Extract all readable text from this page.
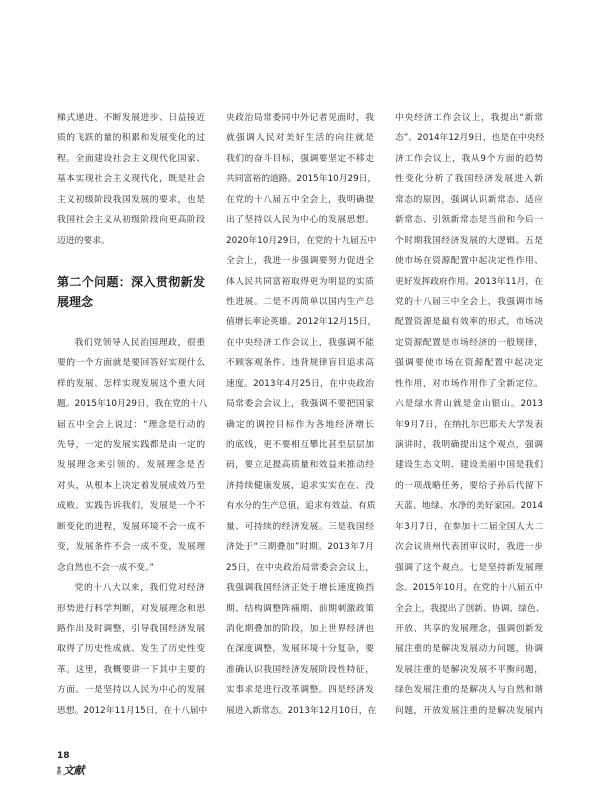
梯式递进、不断发展进步、日益接近
质的飞跃的量的积累和发展变化的过
程。全面建设社会主义现代化国家、
基本实现社会主义现代化，既是社会
主义初级阶段我国发展的要求，也是
我国社会主义从初级阶段向更高阶段
迈进的要求。
第二个问题：深入贯彻新发
展理念
我们党领导人民治国理政，很重
要的一个方面就是要回答好实现什么
样的发展、怎样实现发展这个重大问
题。2015年10月29日，我在党的十八
届五中全会上说过：“理念是行动的
先导，一定的发展实践都是由一定的
发展理念来引领的。发展理念是否
对头，从根本上决定着发展成效乃至
成败。实践告诉我们，发展是一个不
断变化的进程，发展环境不会一成不
变，发展条件不会一成不变，发展理
念自然也不会一成不变。”
党的十八大以来，我们党对经济
形势进行科学判断，对发展理念和思
路作出及时调整，引导我国经济发展
取得了历史性成就、发生了历史性变
革。这里，我概要讲一下其中主要的
方面。一是坚持以人民为中心的发展
思想。2012年11月15日，在十八届中
央政治局常委同中外记者见面时，我
就强调人民对美好生活的向往就是
我们的奋斗目标，强调要坚定不移走
共同富裕的道路。2015年10月29日，
在党的十八届五中全会上，我明确提
出了坚持以人民为中心的发展思想。
2020年10月29日，在党的十九届五中
全会上，我进一步强调要努力促进全
体人民共同富裕取得更为明显的实质
性进展。二是不再简单以国内生产总
值增长率论英雄。2012年12月15日，
在中央经济工作会议上，我强调不能
不顾客观条件、违背规律盲目追求高
速度。2013年4月25日，在中央政治
局常委会会议上，我强调不要把国家
确定的调控目标作为各地经济增长
的底线，更不要相互攀比甚至层层加
码，要立足提高质量和效益来推动经
济持续健康发展，追求实实在在、没
有水分的生产总值，追求有效益、有质
量、可持续的经济发展。三是我国经
济处于“三期叠加”时期。2013年7月
25日，在中央政治局常委会会议上，
我强调我国经济正处于增长速度换挡
期、结构调整阵痛期、前期刺激政策
消化期叠加的阶段，加上世界经济也
在深度调整，发展环境十分复杂，要
准确认识我国经济发展阶段性特征，
实事求是进行改革调整。四是经济发
展进入新常态。2013年12月10日，在
中央经济工作会议上，我提出“新常
态”。2014年12月9日，也是在中央经
济工作会议上，我从9个方面的趋势
性变化分析了我国经济发展进入新
常态的原因，强调认识新常态、适应
新常态、引领新常态是当前和今后一
个时期我国经济发展的大逻辑。五是
使市场在资源配置中起决定性作用、
更好发挥政府作用。2013年11月，在
党的十八届三中全会上，我强调市场
配置资源是最有效率的形式，市场决
定资源配置是市场经济的一般规律，
强调要使市场在资源配置中起决定
性作用，对市场作用作了全新定位。
六是绿水青山就是金山银山。2013
年9月7日，在纳扎尔巴耶夫大学发表
演讲时，我明确提出这个观点，强调
建设生态文明、建设美丽中国是我们
的一项战略任务，要给子孙后代留下
天蓝、地绿、水净的美好家园。2014
年3月7日，在参加十二届全国人大二
次会议贵州代表团审议时，我进一步
强调了这个观点。七是坚持新发展理
念。2015年10月，在党的十八届五中
全会上，我提出了创新、协调、绿色、
开放、共享的发展理念，强调创新发
展注重的是解决发展动力问题，协调
发展注重的是解决发展不平衡问题，
绿色发展注重的是解决人与自然和谐
问题，开放发展注重的是解决发展内
18
党
的 文献
